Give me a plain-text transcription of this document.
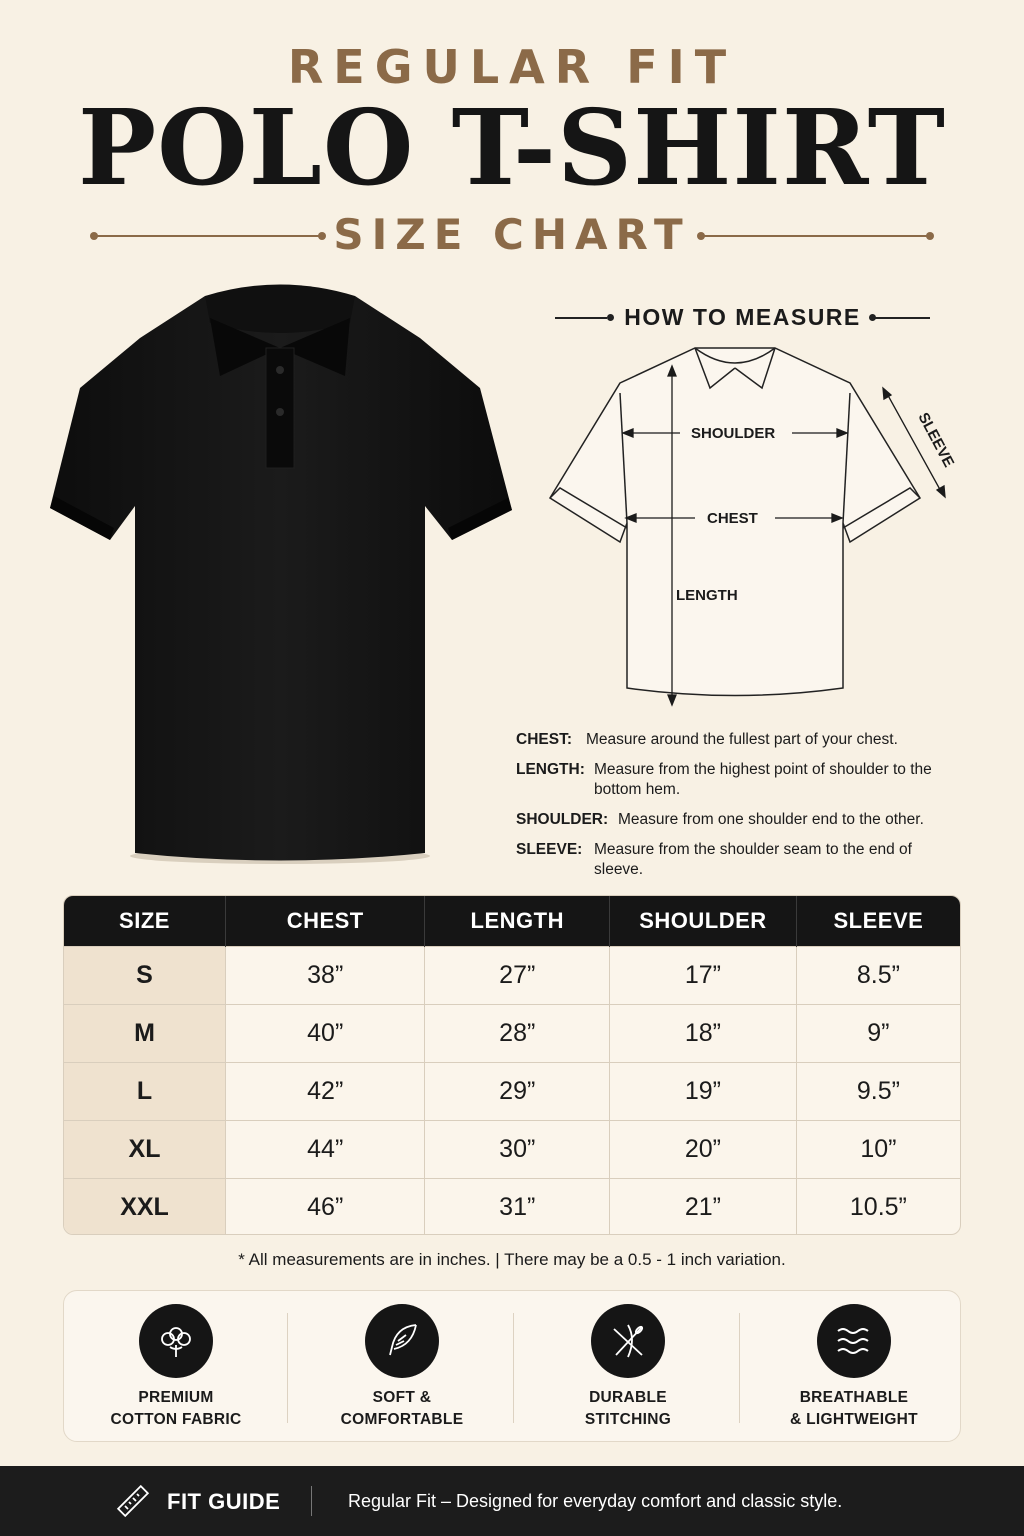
REGULAR FIT
POLO T-SHIRT
SIZE CHART
HOW TO MEASURE
SHOULDER
CHEST
LENGTH
SLEEVE
CHEST: Measure around the fullest part of your chest.
LENGTH: Measure from the highest point of shoulder to the bottom hem.
SHOULDER: Measure from one shoulder end to the other.
SLEEVE: Measure from the shoulder seam to the end of sleeve.
SIZE	CHEST	LENGTH	SHOULDER	SLEEVE
S	38”	27”	17”	8.5”
M	40”	28”	18”	9”
L	42”	29”	19”	9.5”
XL	44”	30”	20”	10”
XXL	46”	31”	21”	10.5”
* All measurements are in inches. | There may be a 0.5 - 1 inch variation.
PREMIUM
COTTON FABRIC
SOFT &
COMFORTABLE
DURABLE
STITCHING
BREATHABLE
& LIGHTWEIGHT
FIT GUIDE	Regular Fit – Designed for everyday comfort and classic style.
